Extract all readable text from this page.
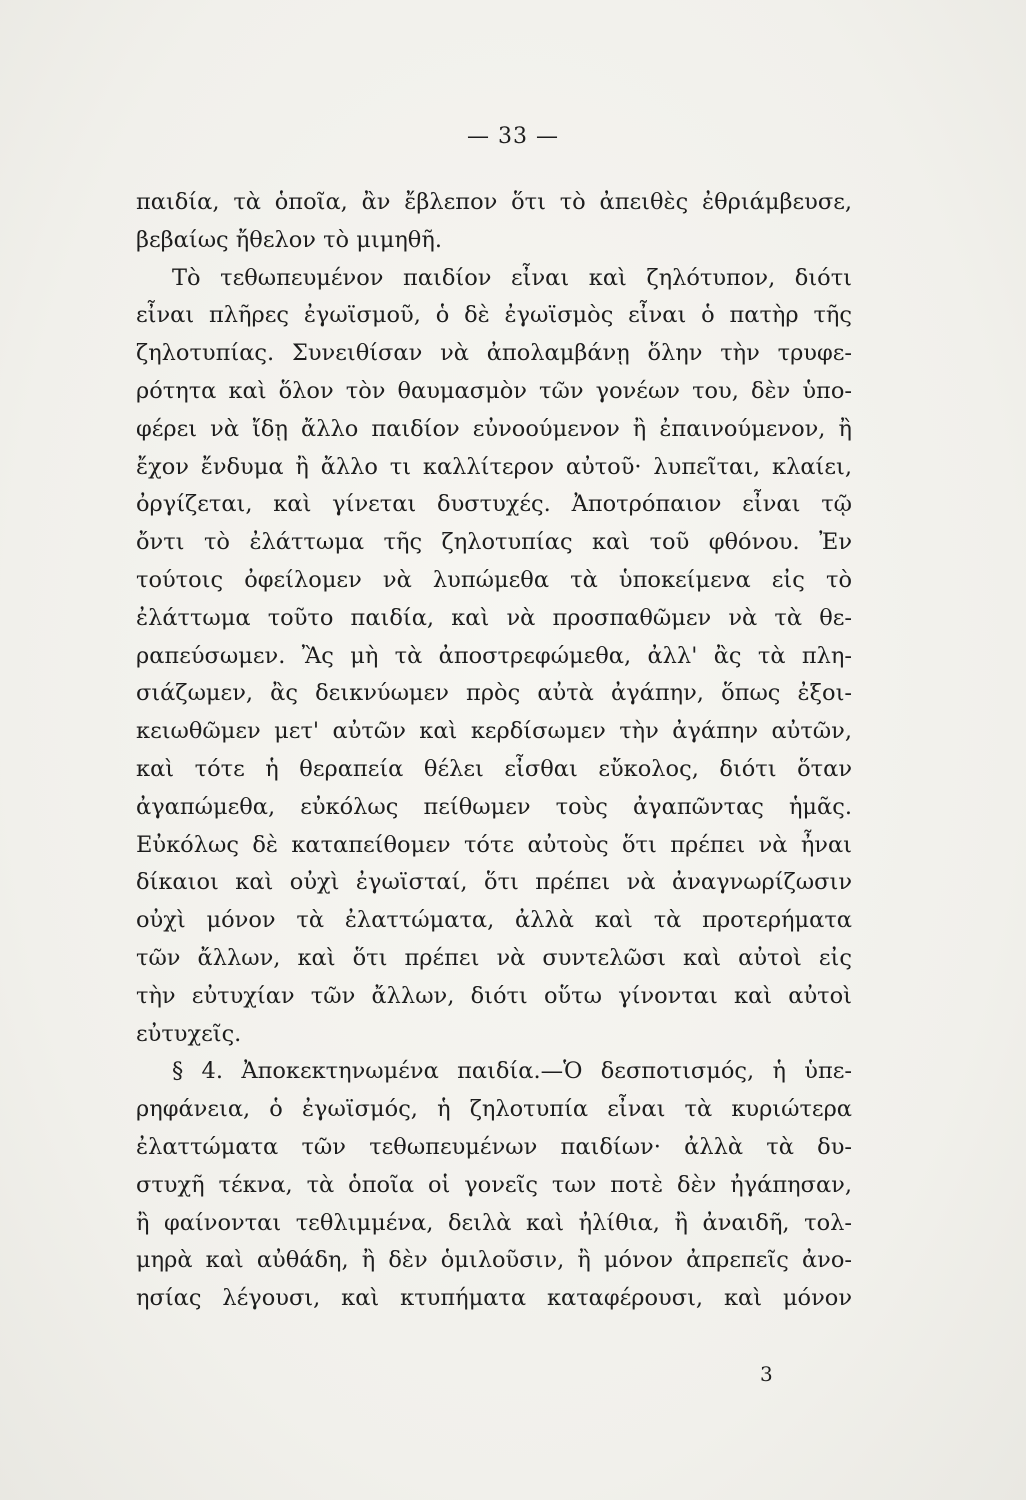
— 33 —
παιδία, τὰ ὁποῖα, ἂν ἔβλεπον ὅτι τὸ ἀπειθὲς ἐθριάμβευσε,
βεβαίως ἤθελον τὸ μιμηθῆ.
Τὸ τεθωπευμένον παιδίον εἶναι καὶ ζηλότυπον, διότι
εἶναι πλῆρες ἐγωϊσμοῦ, ὁ δὲ ἐγωϊσμὸς εἶναι ὁ πατὴρ τῆς
ζηλοτυπίας. Συνειθίσαν νὰ ἀπολαμβάνῃ ὅλην τὴν τρυφε-
ρότητα καὶ ὅλον τὸν θαυμασμὸν τῶν γονέων του, δὲν ὑπο-
φέρει νὰ ἴδῃ ἄλλο παιδίον εὐνοούμενον ἢ ἐπαινούμενον, ἢ
ἔχον ἔνδυμα ἢ ἄλλο τι καλλίτερον αὐτοῦ· λυπεῖται, κλαίει,
ὀργίζεται, καὶ γίνεται δυστυχές. Ἀποτρόπαιον εἶναι τῷ
ὄντι τὸ ἐλάττωμα τῆς ζηλοτυπίας καὶ τοῦ φθόνου. Ἐν
τούτοις ὀφείλομεν νὰ λυπώμεθα τὰ ὑποκείμενα εἰς τὸ
ἐλάττωμα τοῦτο παιδία, καὶ νὰ προσπαθῶμεν νὰ τὰ θε-
ραπεύσωμεν. Ἂς μὴ τὰ ἀποστρεφώμεθα, ἀλλ' ἂς τὰ πλη-
σιάζωμεν, ἂς δεικνύωμεν πρὸς αὐτὰ ἀγάπην, ὅπως ἐξοι-
κειωθῶμεν μετ' αὐτῶν καὶ κερδίσωμεν τὴν ἀγάπην αὐτῶν,
καὶ τότε ἡ θεραπεία θέλει εἶσθαι εὔκολος, διότι ὅταν
ἀγαπώμεθα, εὐκόλως πείθωμεν τοὺς ἀγαπῶντας ἡμᾶς.
Εὐκόλως δὲ καταπείθομεν τότε αὐτοὺς ὅτι πρέπει νὰ ἦναι
δίκαιοι καὶ οὐχὶ ἐγωϊσταί, ὅτι πρέπει νὰ ἀναγνωρίζωσιν
οὐχὶ μόνον τὰ ἐλαττώματα, ἀλλὰ καὶ τὰ προτερήματα
τῶν ἄλλων, καὶ ὅτι πρέπει νὰ συντελῶσι καὶ αὐτοὶ εἰς
τὴν εὐτυχίαν τῶν ἄλλων, διότι οὕτω γίνονται καὶ αὐτοὶ
εὐτυχεῖς.
§ 4. Ἀποκεκτηνωμένα παιδία.—Ὁ δεσποτισμός, ἡ ὑπε-
ρηφάνεια, ὁ ἐγωϊσμός, ἡ ζηλοτυπία εἶναι τὰ κυριώτερα
ἐλαττώματα τῶν τεθωπευμένων παιδίων· ἀλλὰ τὰ δυ-
στυχῆ τέκνα, τὰ ὁποῖα οἱ γονεῖς των ποτὲ δὲν ἠγάπησαν,
ἢ φαίνονται τεθλιμμένα, δειλὰ καὶ ἠλίθια, ἢ ἀναιδῆ, τολ-
μηρὰ καὶ αὐθάδη, ἢ δὲν ὁμιλοῦσιν, ἢ μόνον ἀπρεπεῖς ἀνο-
ησίας λέγουσι, καὶ κτυπήματα καταφέρουσι, καὶ μόνον
3
